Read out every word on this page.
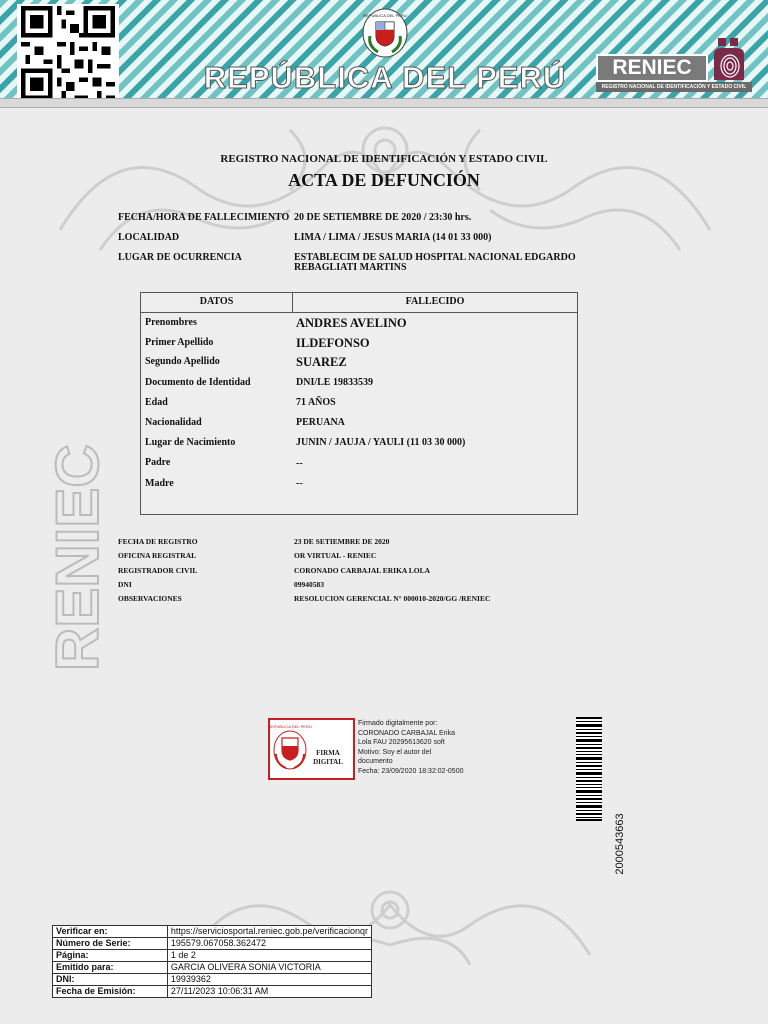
REPUBLICA DEL PERU
REPÚBLICA DEL PERÚ	RENIEC
REGISTRO NACIONAL DE IDENTIFICACIÓN Y ESTADO CIVIL
RENIEC
REGISTRO NACIONAL DE IDENTIFICACIÓN Y ESTADO CIVIL
ACTA DE DEFUNCIÓN
FECHA/HORA DE FALLECIMIENTO 20 DE SETIEMBRE DE 2020 / 23:30 hrs.
LOCALIDAD	LIMA / LIMA / JESUS MARIA (14 01 33 000)
LUGAR DE OCURRENCIA	ESTABLECIM DE SALUD HOSPITAL NACIONAL EDGARDO
REBAGLIATI MARTINS
DATOS	FALLECIDO
Prenombres	ANDRES AVELINO
Primer Apellido	ILDEFONSO
Segundo Apellido	SUAREZ
Documento de Identidad	DNI/LE 19833539
Edad	71 AÑOS
Nacionalidad	PERUANA
Lugar de Nacimiento	JUNIN / JAUJA / YAULI (11 03 30 000)
Padre	--
Madre	--
FECHA DE REGISTRO	23 DE SETIEMBRE DE 2020
OFICINA REGISTRAL	OR VIRTUAL - RENIEC
REGISTRADOR CIVIL	CORONADO CARBAJAL ERIKA LOLA
DNI	09940583
OBSERVACIONES	RESOLUCION GERENCIAL N° 000010-2020/GG /RENIEC
REPUBLICA DEL PERU
FIRMA
DIGITAL
Firmado digitalmente por:
CORONADO CARBAJAL Erika
Lola FAU 20295613620 soft
Motivo: Soy el autor del
documento
Fecha: 23/09/2020 18:32:02-0500
2000543663
Verificar en:	https://serviciosportal.reniec.gob.pe/verificacionqr
Número de Serie:	195579.067058.362472
Página:	1 de 2
Emitido para:	GARCIA OLIVERA SONIA VICTORIA
DNI:	19939362
Fecha de Emisión:	27/11/2023 10:06:31 AM
